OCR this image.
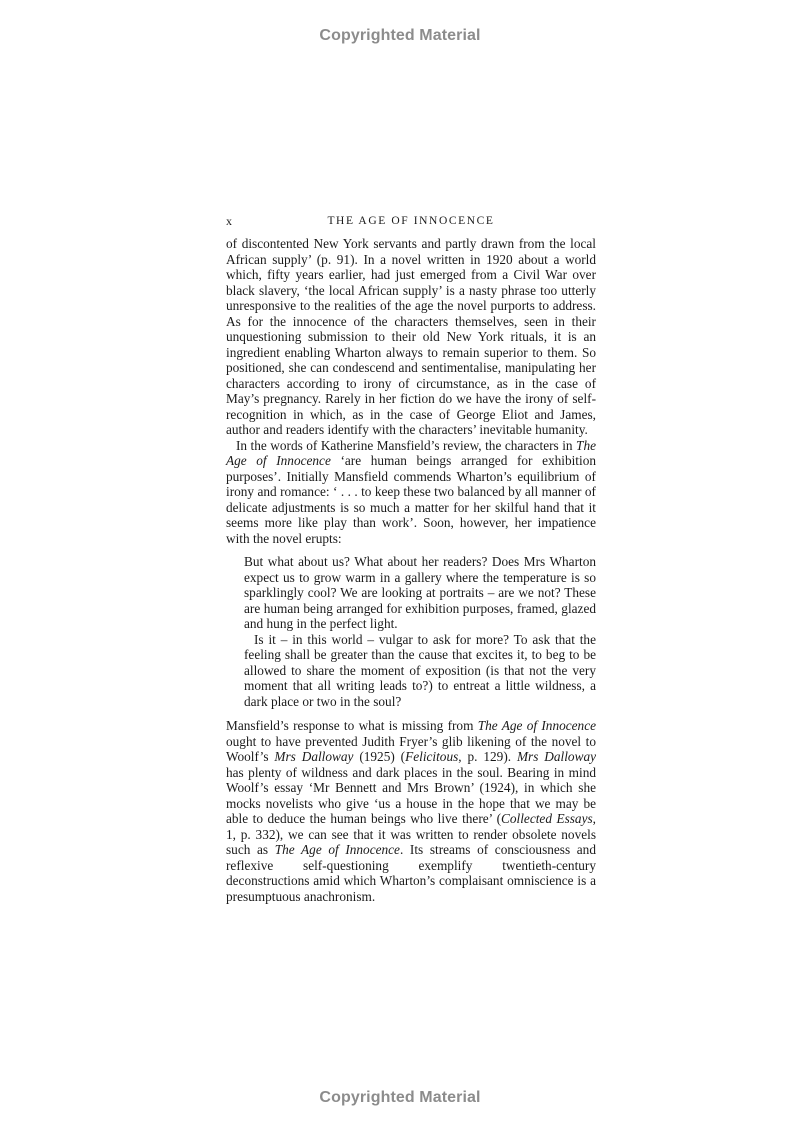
Copyrighted Material
x	THE AGE OF INNOCENCE

of discontented New York servants and partly drawn from the local African supply’ (p. 91). In a novel written in 1920 about a world which, fifty years earlier, had just emerged from a Civil War over black slavery, ‘the local African supply’ is a nasty phrase too utterly unresponsive to the realities of the age the novel purports to address. As for the innocence of the characters themselves, seen in their unquestioning submission to their old New York rituals, it is an ingredient enabling Wharton always to remain superior to them. So positioned, she can condescend and sentimentalise, manipulating her characters according to irony of circumstance, as in the case of May’s pregnancy. Rarely in her fiction do we have the irony of self-recognition in which, as in the case of George Eliot and James, author and readers identify with the characters’ inevitable humanity.

In the words of Katherine Mansfield’s review, the characters in The Age of Innocence ‘are human beings arranged for exhibition purposes’. Initially Mansfield commends Wharton’s equilibrium of irony and romance: ‘ . . . to keep these two balanced by all manner of delicate adjustments is so much a matter for her skilful hand that it seems more like play than work’. Soon, however, her impatience with the novel erupts:

But what about us? What about her readers? Does Mrs Wharton expect us to grow warm in a gallery where the temperature is so sparklingly cool? We are looking at portraits – are we not? These are human being arranged for exhibition purposes, framed, glazed and hung in the perfect light.

Is it – in this world – vulgar to ask for more? To ask that the feeling shall be greater than the cause that excites it, to beg to be allowed to share the moment of exposition (is that not the very moment that all writing leads to?) to entreat a little wildness, a dark place or two in the soul?

Mansfield’s response to what is missing from The Age of Innocence ought to have prevented Judith Fryer’s glib likening of the novel to Woolf’s Mrs Dalloway (1925) (Felicitous, p. 129). Mrs Dalloway has plenty of wildness and dark places in the soul. Bearing in mind Woolf’s essay ‘Mr Bennett and Mrs Brown’ (1924), in which she mocks novelists who give ‘us a house in the hope that we may be able to deduce the human beings who live there’ (Collected Essays, 1, p. 332), we can see that it was written to render obsolete novels such as The Age of Innocence. Its streams of consciousness and reflexive self-questioning exemplify twentieth-century deconstructions amid which Wharton’s complaisant omniscience is a presumptuous anachronism.

Copyrighted Material
